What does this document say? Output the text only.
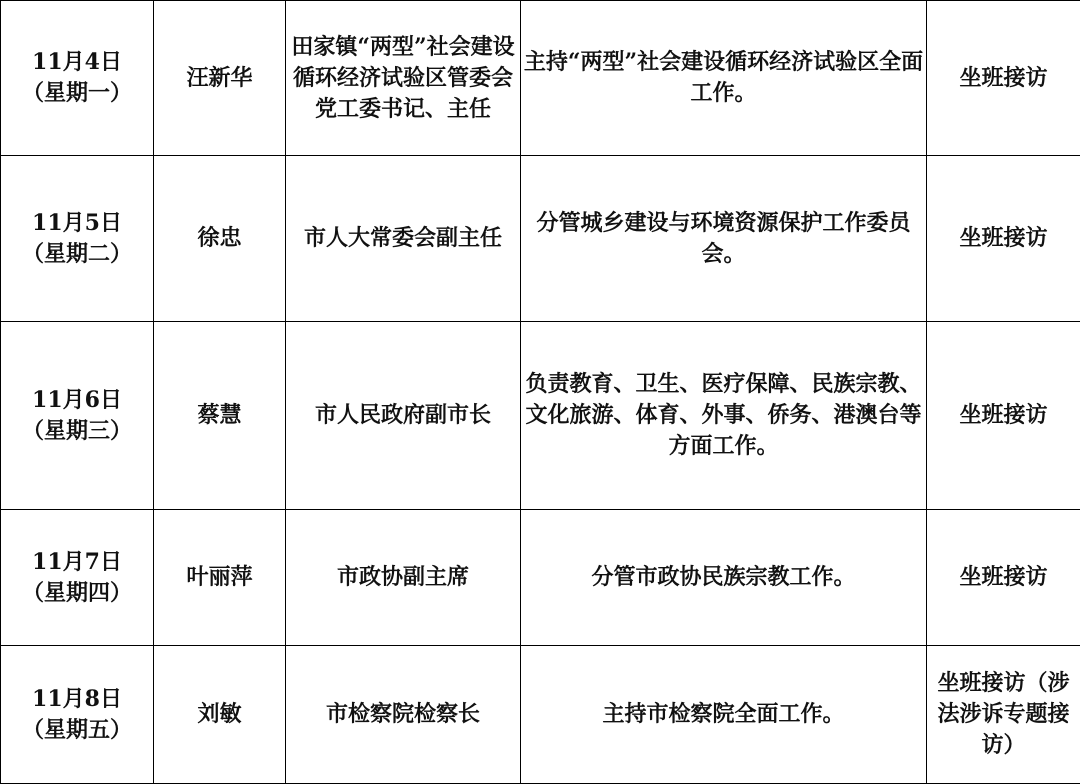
11月4日
（星期一）	汪新华	田家镇“两型”社会建设循环经济试验区管委会党工委书记、主任	主持“两型”社会建设循环经济试验区全面工作。	坐班接访

11月5日
（星期二）	徐忠	市人大常委会副主任	分管城乡建设与环境资源保护工作委员会。	坐班接访

11月6日
（星期三）	蔡慧	市人民政府副市长	负责教育、卫生、医疗保障、民族宗教、文化旅游、体育、外事、侨务、港澳台等方面工作。	坐班接访

11月7日
（星期四）	叶丽萍	市政协副主席	分管市政协民族宗教工作。	坐班接访

11月8日
（星期五）	刘敏	市检察院检察长	主持市检察院全面工作。	坐班接访（涉法涉诉专题接访）
